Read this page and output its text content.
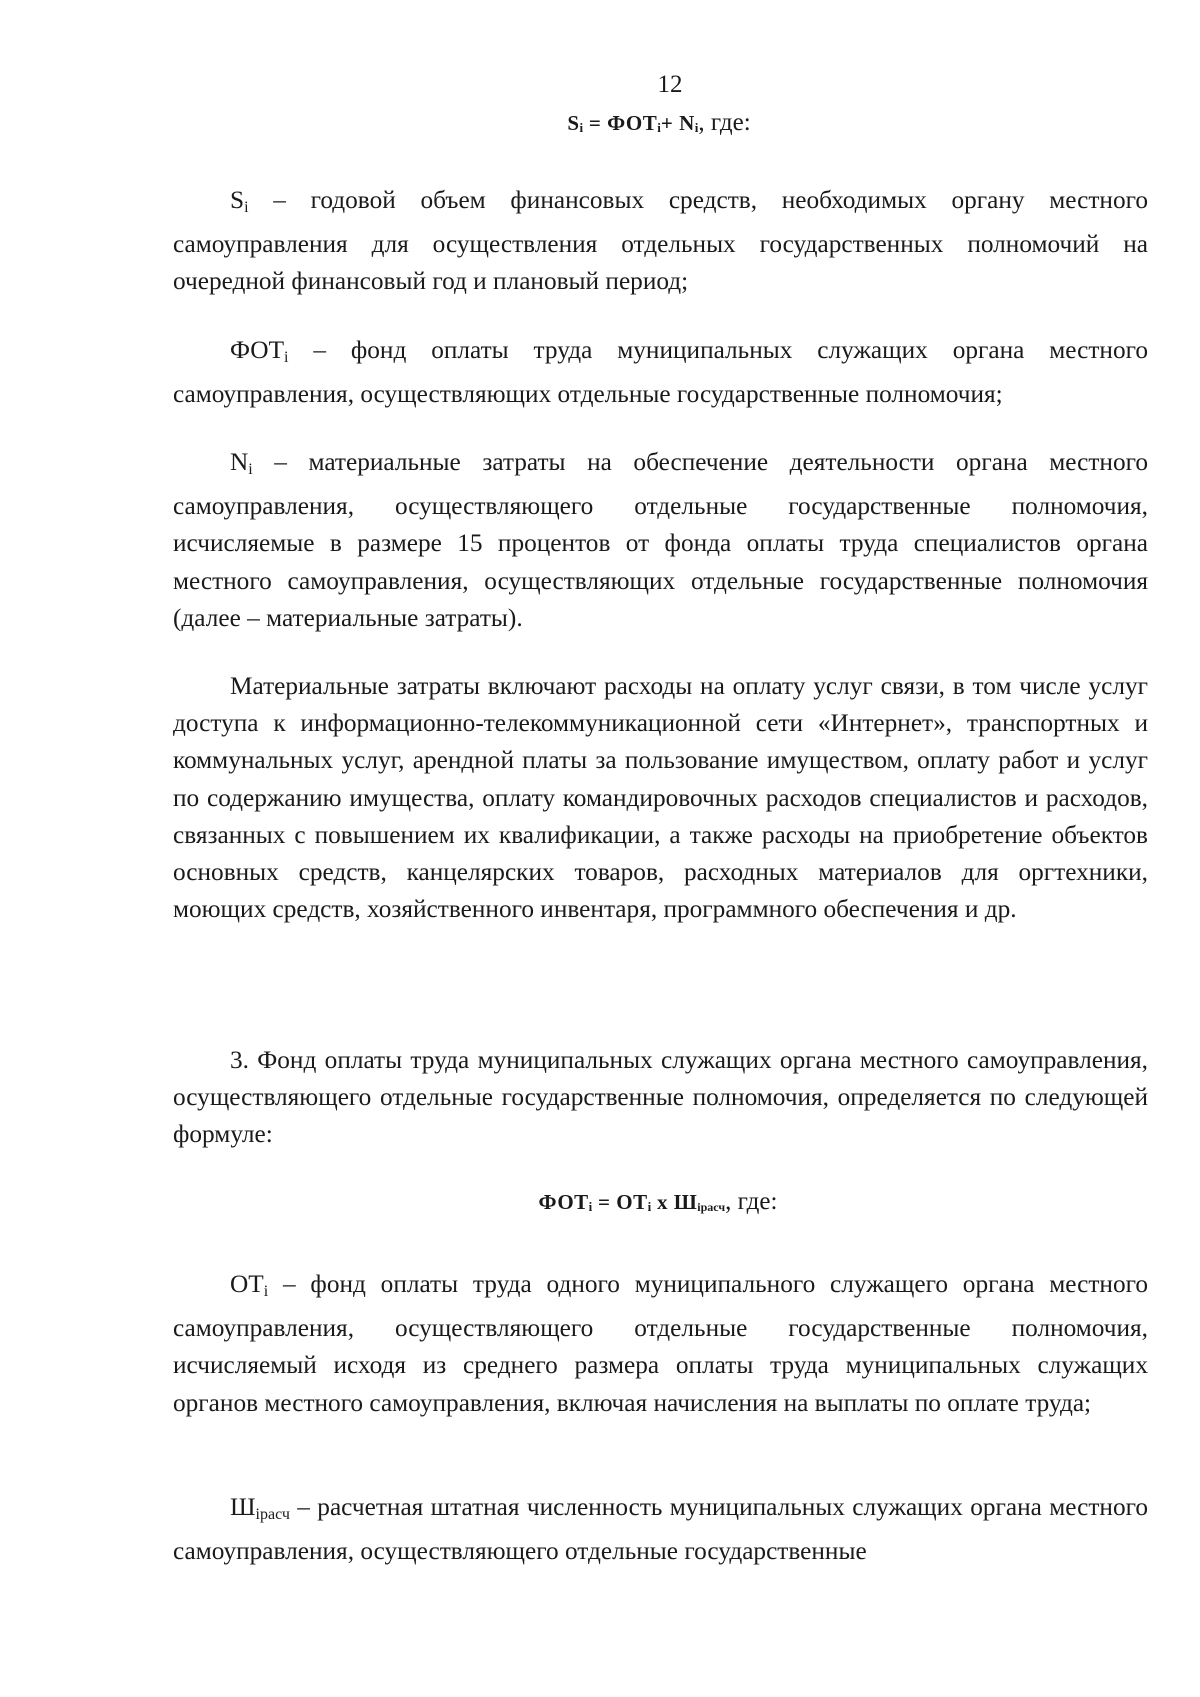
12
Si = ФОТi+ Ni, где:

$S_i$ – годовой объем финансовых средств, необходимых органу местного самоуправления для осуществления отдельных государственных полномочий на очередной финансовый год и плановый период;

$ФОТ_i$ – фонд оплаты труда муниципальных служащих органа местного самоуправления, осуществляющих отдельные государственные полномочия;

$N_i$ – материальные затраты на обеспечение деятельности органа местного самоуправления, осуществляющего отдельные государственные полномочия, исчисляемые в размере 15 процентов от фонда оплаты труда специалистов органа местного самоуправления, осуществляющих отдельные государственные полномочия (далее – материальные затраты).

Материальные затраты включают расходы на оплату услуг связи, в том числе услуг доступа к информационно-телекоммуникационной сети «Интернет», транспортных и коммунальных услуг, арендной платы за пользование имуществом, оплату работ и услуг по содержанию имущества, оплату командировочных расходов специалистов и расходов, связанных с повышением их квалификации, а также расходы на приобретение объектов основных средств, канцелярских товаров, расходных материалов для оргтехники, моющих средств, хозяйственного инвентаря, программного обеспечения и др.

3. Фонд оплаты труда муниципальных служащих органа местного самоуправления, осуществляющего отдельные государственные полномочия, определяется по следующей формуле:

ФОТi = ОТi х Шiрасч, где:

$ОТ_i$ – фонд оплаты труда одного муниципального служащего органа местного самоуправления, осуществляющего отдельные государственные полномочия, исчисляемый исходя из среднего размера оплаты труда муниципальных служащих органов местного самоуправления, включая начисления на выплаты по оплате труда;

$Ш_{iрасч}$ – расчетная штатная численность муниципальных служащих органа местного самоуправления, осуществляющего отдельные государственные
